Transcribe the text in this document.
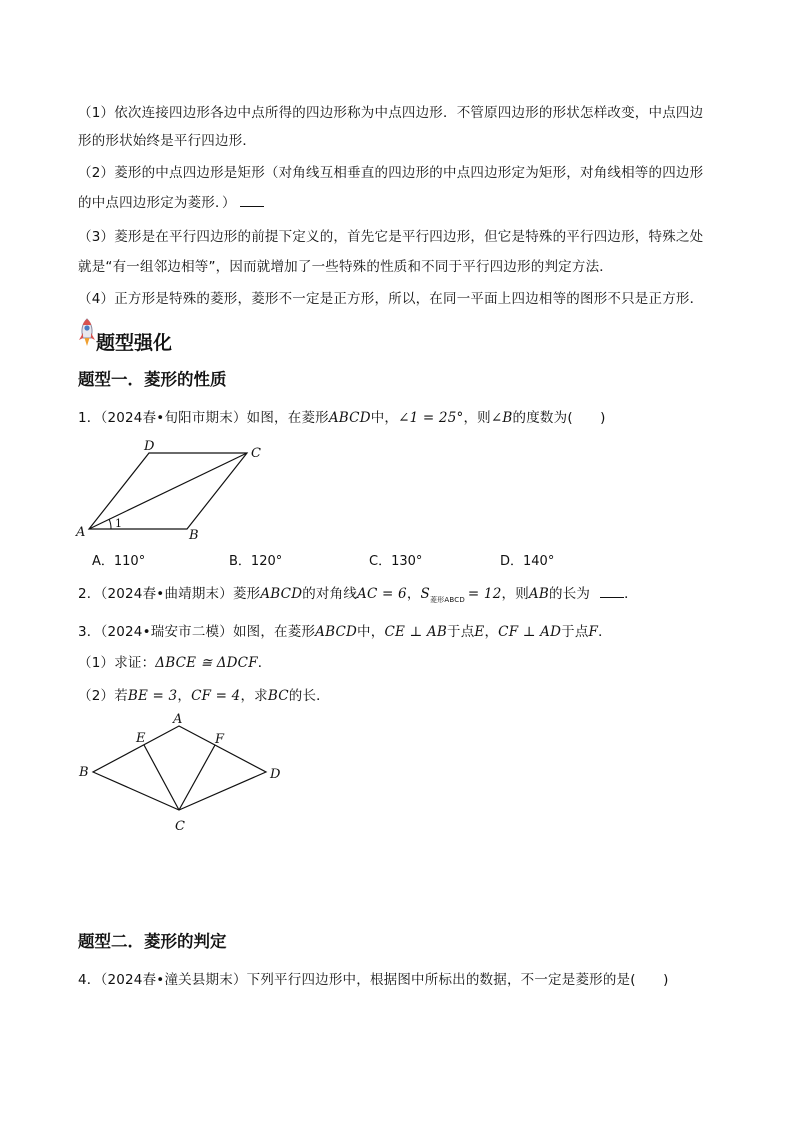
（1）依次连接四边形各边中点所得的四边形称为中点四边形．不管原四边形的形状怎样改变，中点四边
形的形状始终是平行四边形．
（2）菱形的中点四边形是矩形（对角线互相垂直的四边形的中点四边形定为矩形，对角线相等的四边形
的中点四边形定为菱形．）
（3）菱形是在平行四边形的前提下定义的，首先它是平行四边形，但它是特殊的平行四边形，特殊之处
就是“有一组邻边相等”，因而就增加了一些特殊的性质和不同于平行四边形的判定方法．
（4）正方形是特殊的菱形，菱形不一定是正方形，所以，在同一平面上四边相等的图形不只是正方形．
题型强化
题型一．菱形的性质
1．（2024春•旬阳市期末）如图，在菱形ABCD中，∠1 = 25°，则∠B的度数为(　　)
A	B
C
D
1
A．110°	B．120°	C．130°	D．140°
2．（2024春•曲靖期末）菱形ABCD的对角线AC = 6，$S_{菱形ABCD} = 12$，则AB的长为	．
3．（2024•瑞安市二模）如图，在菱形ABCD中，CE ⊥ AB于点E，CF ⊥ AD于点F．
（1）求证：ΔBCE ≅ ΔDCF．
（2）若BE = 3，CF = 4，求BC的长．
A
B
C
D
E	F
题型二．菱形的判定
4．（2024春•潼关县期末）下列平行四边形中，根据图中所标出的数据，不一定是菱形的是(　　)
